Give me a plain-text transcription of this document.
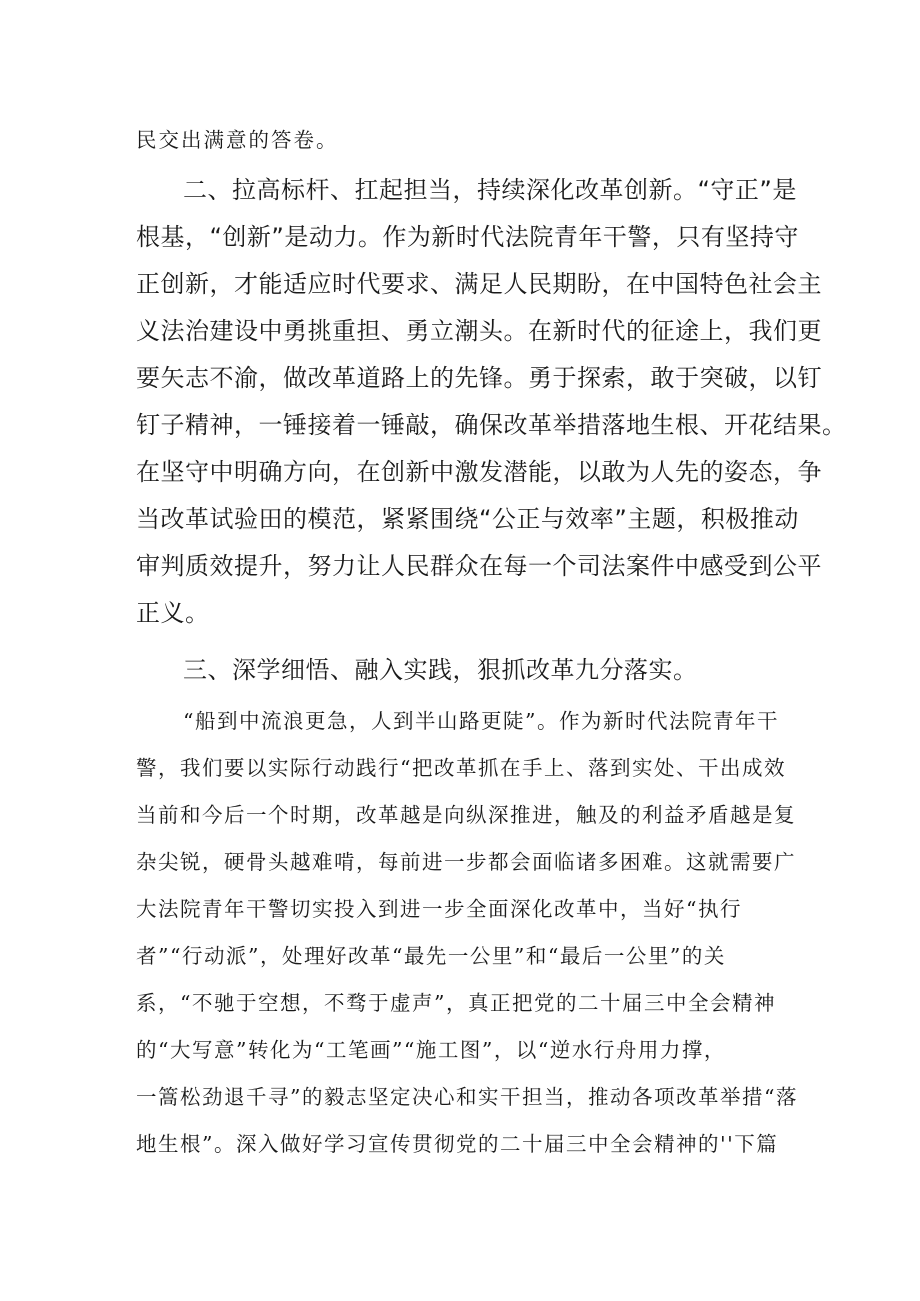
民交出满意的答卷。
二、拉高标杆、扛起担当，持续深化改革创新。“守正”是
根基，“创新”是动力。作为新时代法院青年干警，只有坚持守
正创新，才能适应时代要求、满足人民期盼，在中国特色社会主
义法治建设中勇挑重担、勇立潮头。在新时代的征途上，我们更
要矢志不渝，做改革道路上的先锋。勇于探索，敢于突破，以钉
钉子精神，一锤接着一锤敲，确保改革举措落地生根、开花结果。
在坚守中明确方向，在创新中激发潜能，以敢为人先的姿态，争
当改革试验田的模范，紧紧围绕“公正与效率”主题，积极推动
审判质效提升，努力让人民群众在每一个司法案件中感受到公平
正义。
三、深学细悟、融入实践，狠抓改革九分落实。
“船到中流浪更急，人到半山路更陡”。作为新时代法院青年干
警，我们要以实际行动践行“把改革抓在手上、落到实处、干出成效
当前和今后一个时期，改革越是向纵深推进，触及的利益矛盾越是复
杂尖锐，硬骨头越难啃，每前进一步都会面临诸多困难。这就需要广
大法院青年干警切实投入到进一步全面深化改革中，当好“执行
者”“行动派”，处理好改革“最先一公里”和“最后一公里”的关
系，“不驰于空想，不骛于虚声”，真正把党的二十届三中全会精神
的“大写意”转化为“工笔画”“施工图”，以“逆水行舟用力撑，
一篙松劲退千寻”的毅志坚定决心和实干担当，推动各项改革举措“落
地生根”。深入做好学习宣传贯彻党的二十届三中全会精神的''下篇
